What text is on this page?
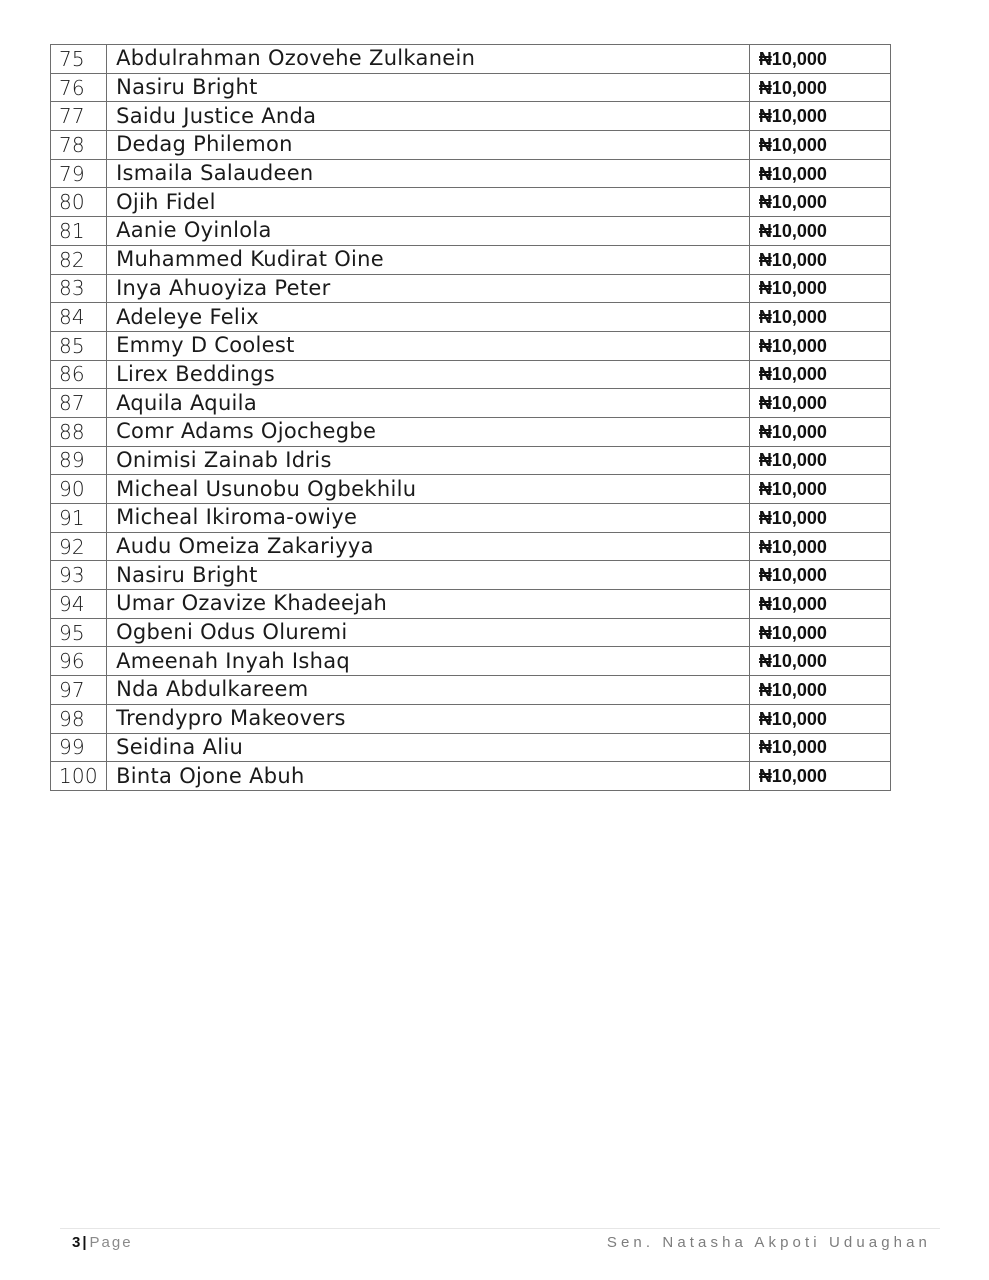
75	Abdulrahman Ozovehe Zulkanein	₦10,000
76	Nasiru Bright	₦10,000
77	Saidu Justice Anda	₦10,000
78	Dedag Philemon	₦10,000
79	Ismaila Salaudeen	₦10,000
80	Ojih Fidel	₦10,000
81	Aanie Oyinlola	₦10,000
82	Muhammed Kudirat Oine	₦10,000
83	Inya Ahuoyiza Peter	₦10,000
84	Adeleye Felix	₦10,000
85	Emmy D Coolest	₦10,000
86	Lirex Beddings	₦10,000
87	Aquila Aquila	₦10,000
88	Comr Adams Ojochegbe	₦10,000
89	Onimisi Zainab Idris	₦10,000
90	Micheal Usunobu Ogbekhilu	₦10,000
91	Micheal Ikiroma-owiye	₦10,000
92	Audu Omeiza Zakariyya	₦10,000
93	Nasiru Bright	₦10,000
94	Umar Ozavize Khadeejah	₦10,000
95	Ogbeni Odus Oluremi	₦10,000
96	Ameenah Inyah Ishaq	₦10,000
97	Nda Abdulkareem	₦10,000
98	Trendypro Makeovers	₦10,000
99	Seidina Aliu	₦10,000
100	Binta Ojone Abuh	₦10,000
3 | Page	Sen. Natasha Akpoti Uduaghan
